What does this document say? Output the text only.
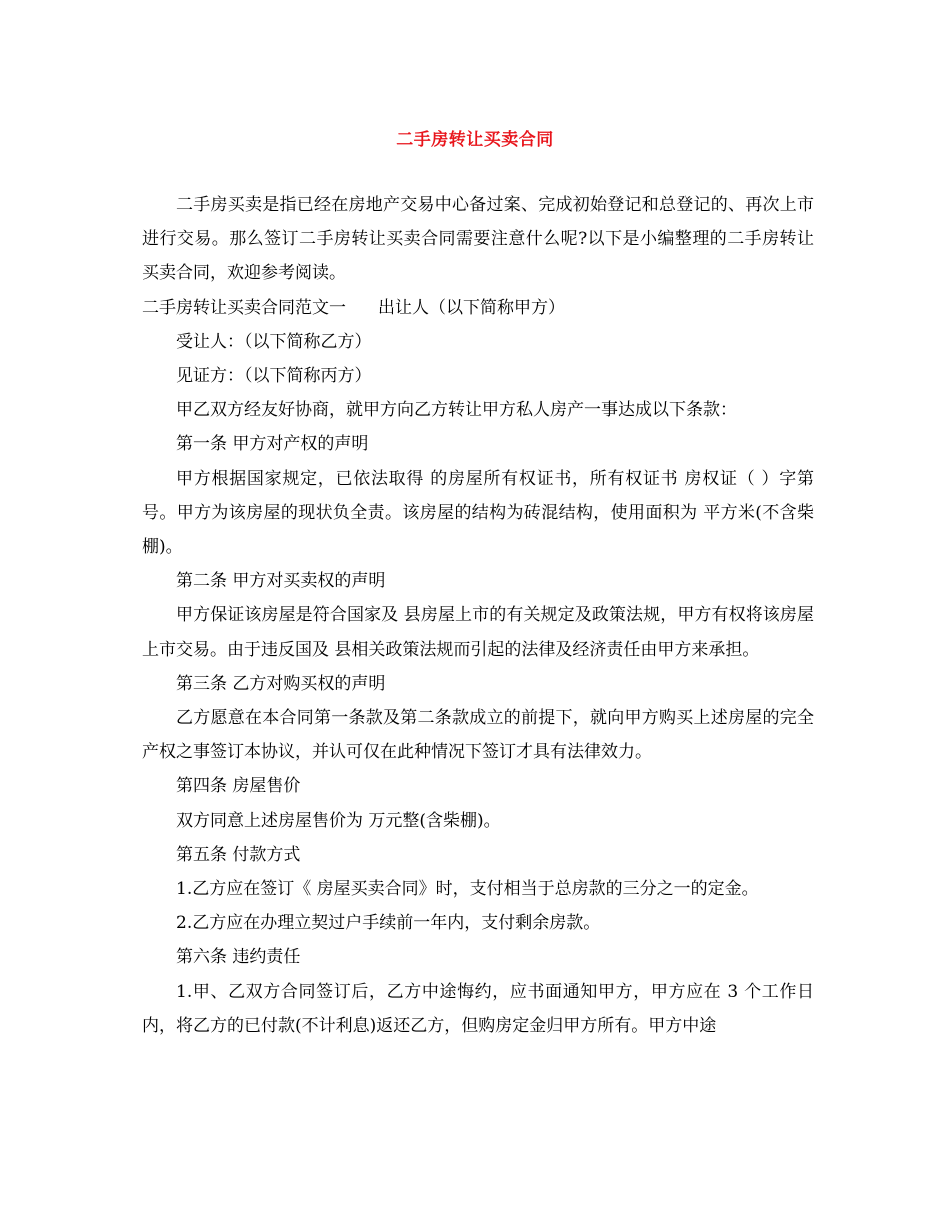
二手房转让买卖合同

二手房买卖是指已经在房地产交易中心备过案、完成初始登记和总登记的、再次上市进行交易。那么签订二手房转让买卖合同需要注意什么呢?以下是小编整理的二手房转让买卖合同，欢迎参考阅读。

二手房转让买卖合同范文一 出让人（以下简称甲方）

受让人：（以下简称乙方）

见证方：（以下简称丙方）

甲乙双方经友好协商，就甲方向乙方转让甲方私人房产一事达成以下条款：

第一条 甲方对产权的声明

甲方根据国家规定，已依法取得 的房屋所有权证书，所有权证书 房权证（ ）字第 号。甲方为该房屋的现状负全责。该房屋的结构为砖混结构，使用面积为 平方米(不含柴棚)。

第二条 甲方对买卖权的声明

甲方保证该房屋是符合国家及 县房屋上市的有关规定及政策法规，甲方有权将该房屋上市交易。由于违反国及 县相关政策法规而引起的法律及经济责任由甲方来承担。

第三条 乙方对购买权的声明

乙方愿意在本合同第一条款及第二条款成立的前提下，就向甲方购买上述房屋的完全产权之事签订本协议，并认可仅在此种情况下签订才具有法律效力。

第四条 房屋售价

双方同意上述房屋售价为 万元整(含柴棚)。

第五条 付款方式

1.乙方应在签订《 房屋买卖合同》时，支付相当于总房款的三分之一的定金。

2.乙方应在办理立契过户手续前一年内，支付剩余房款。

第六条 违约责任

1.甲、乙双方合同签订后，乙方中途悔约，应书面通知甲方，甲方应在 3 个工作日内，将乙方的已付款(不计利息)返还乙方，但购房定金归甲方所有。甲方中途
